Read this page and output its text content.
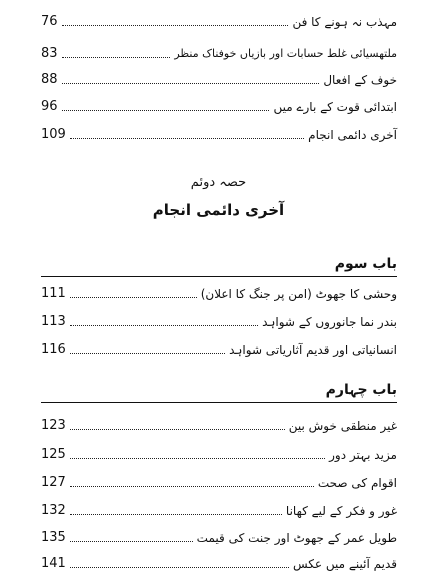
76	مہذب نہ ہونے کا فن
83	ملتھسیائی غلط حسابات اور بازیاں خوفناک منظر
88	خوف کے افعال
96	ابتدائی قوت کے بارے میں
109	آخری دائمی انجام
حصہ دوئم
آخری دائمی انجام
باب سوم
111	وحشی کا جھوٹ (امن پر جنگ کا اعلان)
113	بندر نما جانوروں کے شواہد
116	انسانیاتی اور قدیم آثاریاتی شواہد
باب چہارم
123	غیر منطقی خوش بین
125	مزید بہتر دور
127	اقوام کی صحت
132	غور و فکر کے لیے کھانا
135	طویل عمر کے جھوٹ اور جنت کی قیمت
141	قدیم آئینے میں عکس
